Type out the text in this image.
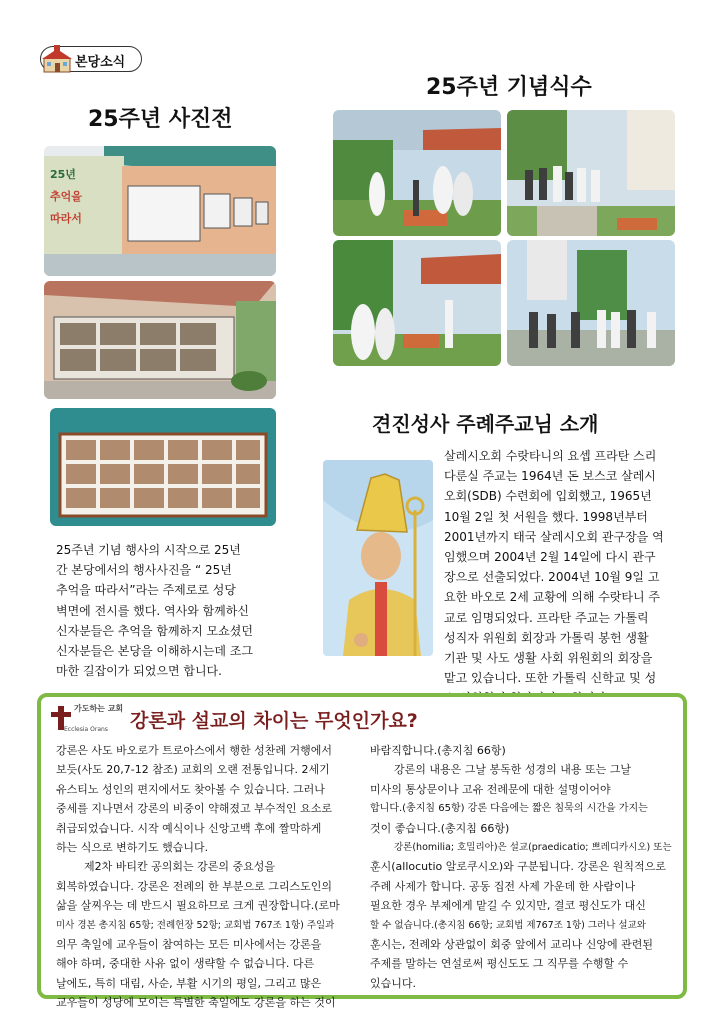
본당소식
25주년 사진전
25년
추억을
따라서
25주년 기념 행사의 시작으로 25년
간 본당에서의 행사사진을 “ 25년
추억을 따라서”라는 주제로로 성당
벽면에 전시를 했다. 역사와 함께하신
신자분들은 추억을 함께하지 모쇼셨던
신자분들은 본당을 이해하시는데 조그
마한 길잡이가 되었으면 합니다.
25주년 기념식수
견진성사 주례주교님 소개
살레시오회 수랏타니의 요셉 프라탄 스리
다룬실 주교는 1964년 돈 보스코 살레시
오회(SDB) 수련회에 입회했고, 1965년
10월 2일 첫 서원을 했다. 1998년부터
2001년까지 태국 살레시오회 관구장을 역
임했으며 2004년 2월 14일에 다시 관구
장으로 선출되었다. 2004년 10월 9일 고
요한 바오로 2세 교황에 의해 수랏타니 주
교로 임명되었다. 프라탄 주교는 가톨릭
성직자 위원회 회장과 가톨릭 봉헌 생활
기관 및 사도 생활 사회 위원회의 회장을
맡고 있습니다. 또한 가톨릭 신학교 및 성
가도하는 교회
Ecclesia Orans 강론과 설교의 차이는 무엇인가요?
강론은 사도 바오로가 트로아스에서 행한 성찬례 거행에서
보듯(사도 20,7-12 참조) 교회의 오랜 전통입니다. 2세기
유스티노 성인의 편지에서도 찾아볼 수 있습니다. 그러나
중세를 지나면서 강론의 비중이 약해졌고 부수적인 요소로
취급되었습니다. 시작 예식이나 신앙고백 후에 짤막하게
하는 식으로 변하기도 했습니다.
제2차 바티칸 공의회는 강론의 중요성을
회복하였습니다. 강론은 전례의 한 부분으로 그리스도인의
삶을 살찌우는 데 반드시 필요하므로 크게 권장합니다.(로마
미사 경본 총지침 65항; 전례헌장 52항; 교회법 767조 1항) 주일과
의무 축일에 교우들이 참여하는 모든 미사에서는 강론을
해야 하며, 중대한 사유 없이 생략할 수 없습니다. 다른
날에도, 특히 대림, 사순, 부활 시기의 평일, 그리고 많은
교우들이 성당에 모이는 특별한 축일에도 강론을 하는 것이
바람직합니다.(총지침 66항)
강론의 내용은 그날 봉독한 성경의 내용 또는 그날
미사의 통상문이나 고유 전례문에 대한 설명이어야
합니다.(총지침 65항) 강론 다음에는 짧은 침묵의 시간을 가지는
것이 좋습니다.(총지침 66항)
강론(homilia; 호밀리아)은 설교(praedicatio; 쁘레디카시오) 또는
훈시(allocutio 알로쿠시오)와 구분됩니다. 강론은 원칙적으로
주례 사제가 합니다. 공동 집전 사제 가운데 한 사람이나
필요한 경우 부제에게 맡길 수 있지만, 결코 평신도가 대신
할 수 없습니다.(총지침 66항; 교회법 제767조 1항) 그러나 설교와
훈시는, 전례와 상관없이 회중 앞에서 교리나 신앙에 관련된
주제를 말하는 연설로써 평신도도 그 직무를 수행할 수
있습니다.
